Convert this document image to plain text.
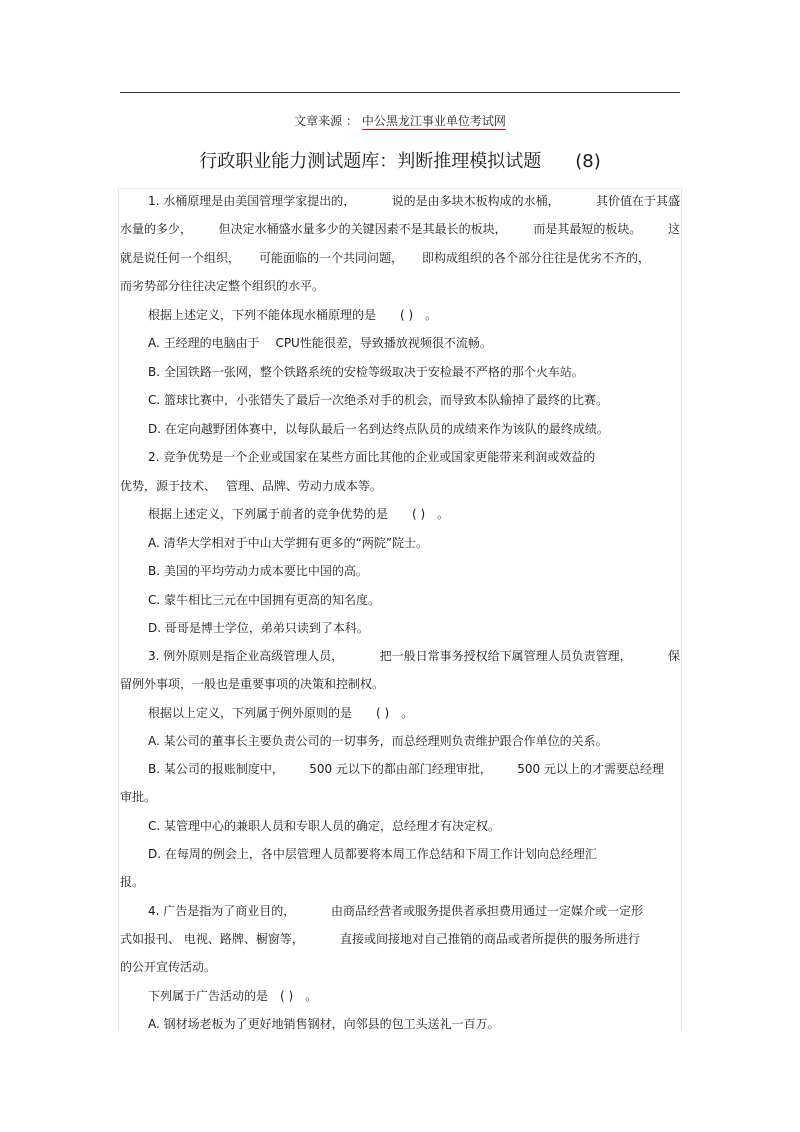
文章来源 ： 中公黑龙江事业单位考试网
行政职业能力测试题库：判断推理模拟试题 (8)
1. 水桶原理是由美国管理学家提出的，	说的是由多块木板构成的水桶，	其价值在于其盛
水量的多少， 但决定水桶盛水量多少的关键因素不是其最长的板块， 而是其最短的板块。 这
就是说任何一个组织， 可能面临的一个共同问题， 即构成组织的各个部分往往是优劣不齐的，
而劣势部分往往决定整个组织的水平。
根据上述定义，下列不能体现水桶原理的是　　( )　。
A. 王经理的电脑由于　 CPU性能很差，导致播放视频很不流畅。
B. 全国铁路一张网，整个铁路系统的安检等级取决于安检最不严格的那个火车站。
C. 篮球比赛中，小张错失了最后一次绝杀对手的机会，而导致本队输掉了最终的比赛。
D. 在定向越野团体赛中，以每队最后一名到达终点队员的成绩来作为该队的最终成绩。
2. 竞争优势是一个企业或国家在某些方面比其他的企业或国家更能带来利润或效益的
优势，源于技术、　 管理、品牌、劳动力成本等。
根据上述定义，下列属于前者的竞争优势的是　　( )　。
A. 清华大学相对于中山大学拥有更多的“两院”院士。
B. 美国的平均劳动力成本要比中国的高。
C. 蒙牛相比三元在中国拥有更高的知名度。
D. 哥哥是博士学位，弟弟只读到了本科。
3. 例外原则是指企业高级管理人员，	把一般日常事务授权给下属管理人员负责管理，	保
留例外事项，一般也是重要事项的决策和控制权。
根据以上定义，下列属于例外原则的是　　( )　。
A. 某公司的董事长主要负责公司的一切事务，而总经理则负责维护跟合作单位的关系。
B. 某公司的报账制度中， 500 元以下的都由部门经理审批， 500 元以上的才需要总经理
审批。
C. 某管理中心的兼职人员和专职人员的确定，总经理才有决定权。
D. 在每周的例会上，各中层管理人员都要将本周工作总结和下周工作计划向总经理汇
报。
4. 广告是指为了商业目的，	由商品经营者或服务提供者承担费用通过一定媒介或一定形
式如报刊、 电视、路牌、橱窗等，	直接或间接地对自己推销的商品或者所提供的服务所进行
的公开宣传活动。
下列属于广告活动的是　( )　。
A. 钢材场老板为了更好地销售钢材，向邻县的包工头送礼一百万。
